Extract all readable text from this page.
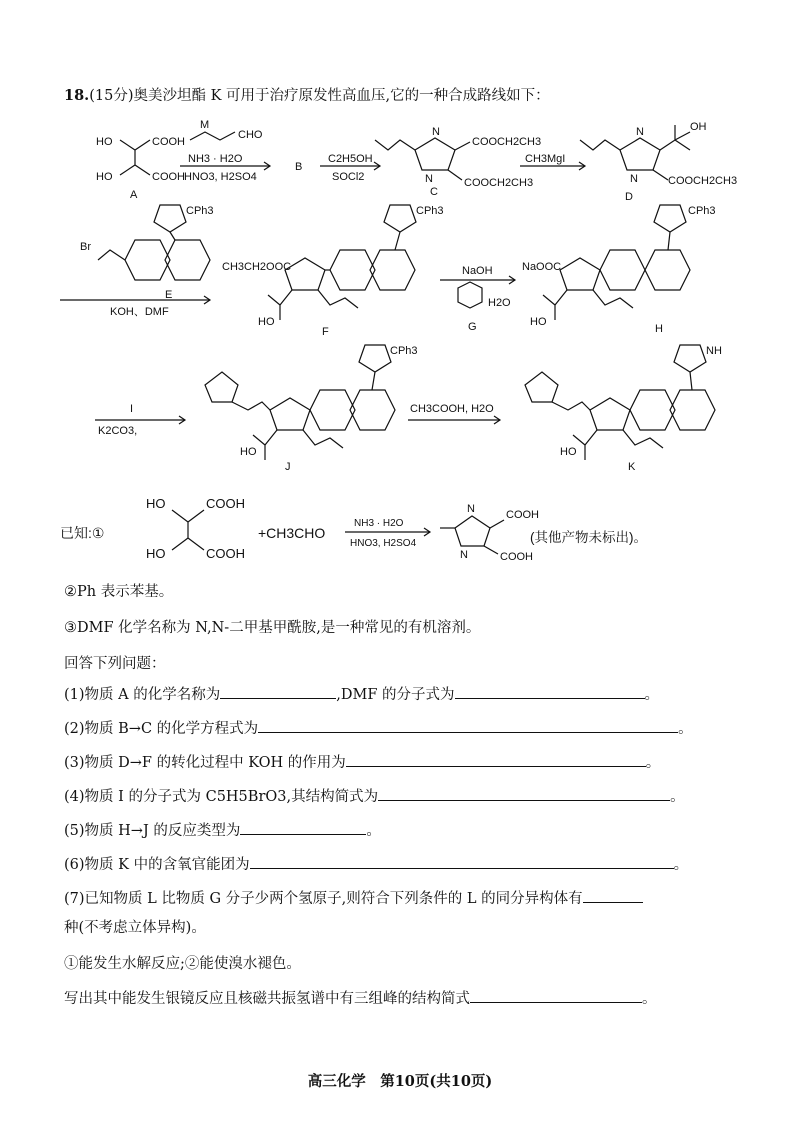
18.(15分)奥美沙坦酯 K 可用于治疗原发性高血压,它的一种合成路线如下：
HO	COOH
HO	COOH
M
CHO
NH3 · H2O
HNO3, H2SO4
A
B
C2H5OH
SOCl2
COOCH2CH3
COOCH2CH3
N
N
C
CH3MgI
OH
COOCH2CH3
N
N
D
Br
CPh3
E
KOH、DMF
CH3CH2OOC
CPh3
HO
F
NaOH
H2O
G
NaOOC
CPh3
HO
H
I
K2CO3,
CPh3
HO
J
CH3COOH, H2O
NH
HO
K
已知:①
HO	COOH
HO	COOH
+CH3CHO
NH3 · H2O
HNO3, H2SO4
COOH
COOH
N
N
(其他产物未标出)。
②Ph 表示苯基。
③DMF 化学名称为 N,N-二甲基甲酰胺,是一种常见的有机溶剂。
回答下列问题：
(1)物质 A 的化学名称为	,DMF 的分子式为	。
(2)物质 B→C 的化学方程式为	。
(3)物质 D→F 的转化过程中 KOH 的作用为	。
(4)物质 I 的分子式为 C5H5BrO3,其结构简式为	。
(5)物质 H→J 的反应类型为	。
(6)物质 K 中的含氧官能团为	。
(7)已知物质 L 比物质 G 分子少两个氢原子,则符合下列条件的 L 的同分异构体有
种(不考虑立体异构)。
①能发生水解反应;②能使溴水褪色。
写出其中能发生银镜反应且核磁共振氢谱中有三组峰的结构简式	。
高三化学　第10页(共10页)
